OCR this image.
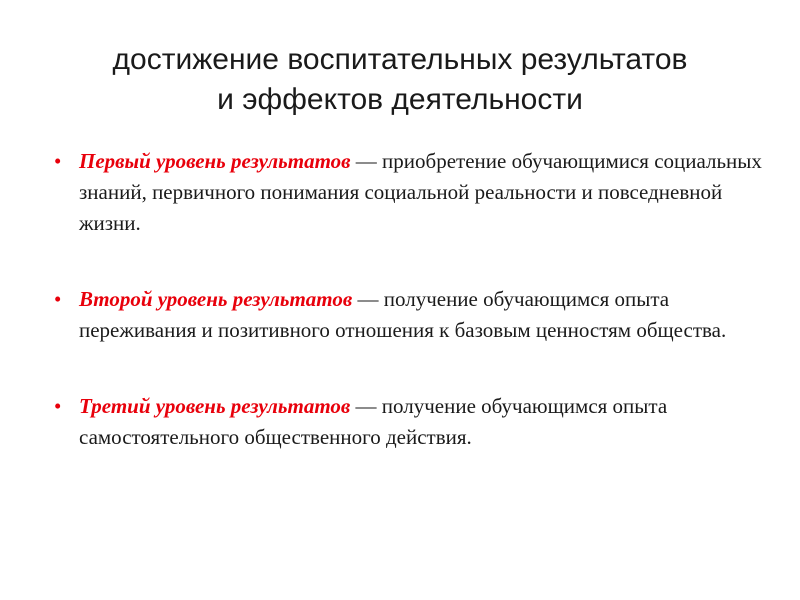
достижение воспитательных результатов
и эффектов деятельности
• Первый уровень результатов — приобретение обучающимися социальных знаний, первичного понимания социальной реальности и повседневной жизни.
• Второй уровень результатов — получение обучающимся опыта переживания и позитивного отношения к базовым ценностям общества.
• Третий уровень результатов — получение обучающимся опыта самостоятельного общественного действия.
